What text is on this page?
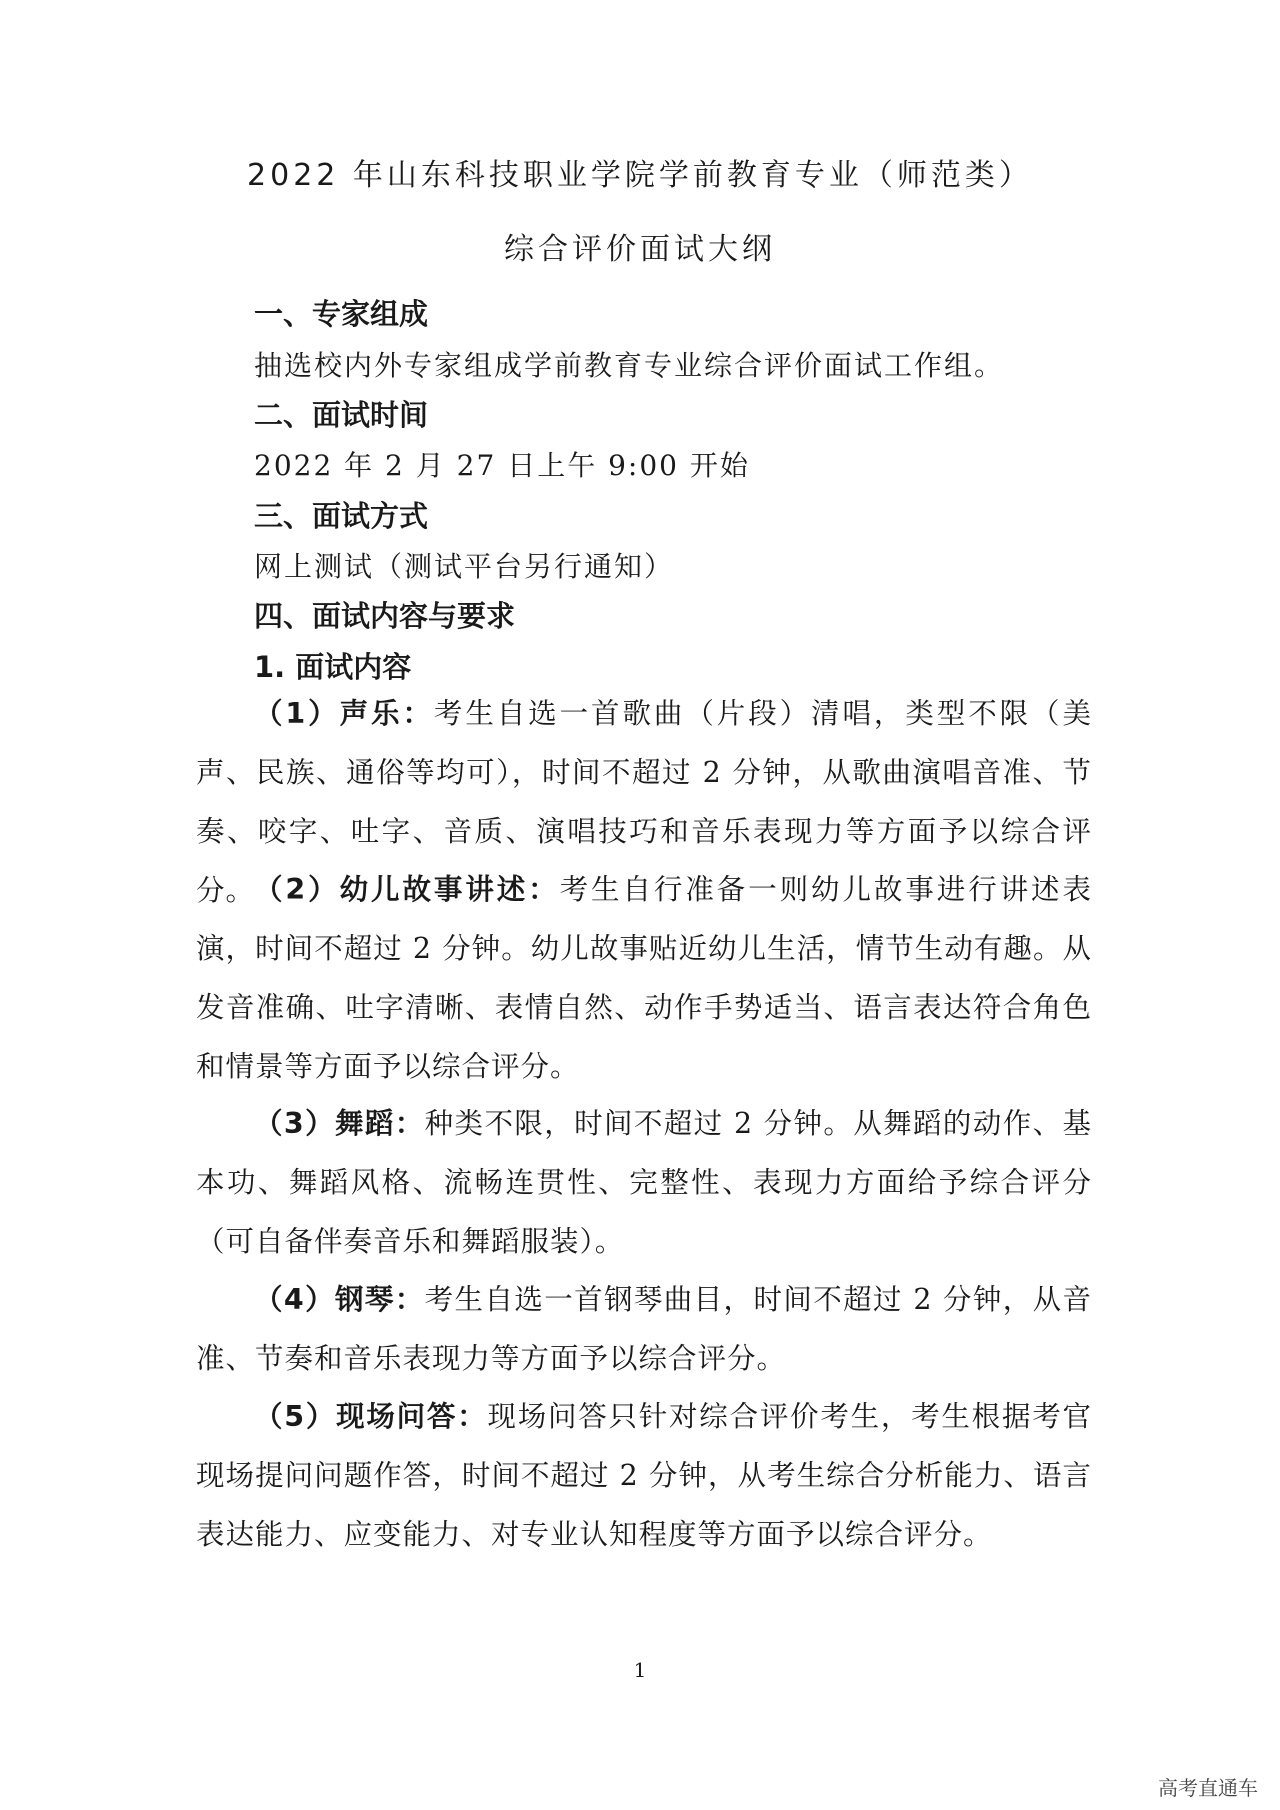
2022 年山东科技职业学院学前教育专业（师范类）
综合评价面试大纲
一、专家组成
抽选校内外专家组成学前教育专业综合评价面试工作组。
二、面试时间
2022 年 2 月 27 日上午 9:00 开始
三、面试方式
网上测试（测试平台另行通知）
四、面试内容与要求
1. 面试内容

（1）声乐：考生自选一首歌曲（片段）清唱，类型不限（美声、民族、通俗等均可），时间不超过 2 分钟，从歌曲演唱音准、节奏、咬字、吐字、音质、演唱技巧和音乐表现力等方面予以综合评分。

（2）幼儿故事讲述：考生自行准备一则幼儿故事进行讲述表演，时间不超过 2 分钟。幼儿故事贴近幼儿生活，情节生动有趣。从发音准确、吐字清晰、表情自然、动作手势适当、语言表达符合角色和情景等方面予以综合评分。

（3）舞蹈：种类不限，时间不超过 2 分钟。从舞蹈的动作、基本功、舞蹈风格、流畅连贯性、完整性、表现力方面给予综合评分（可自备伴奏音乐和舞蹈服装）。

（4）钢琴：考生自选一首钢琴曲目，时间不超过 2 分钟，从音准、节奏和音乐表现力等方面予以综合评分。

（5）现场问答：现场问答只针对综合评价考生，考生根据考官现场提问问题作答，时间不超过 2 分钟，从考生综合分析能力、语言表达能力、应变能力、对专业认知程度等方面予以综合评分。

1
高考直通车
